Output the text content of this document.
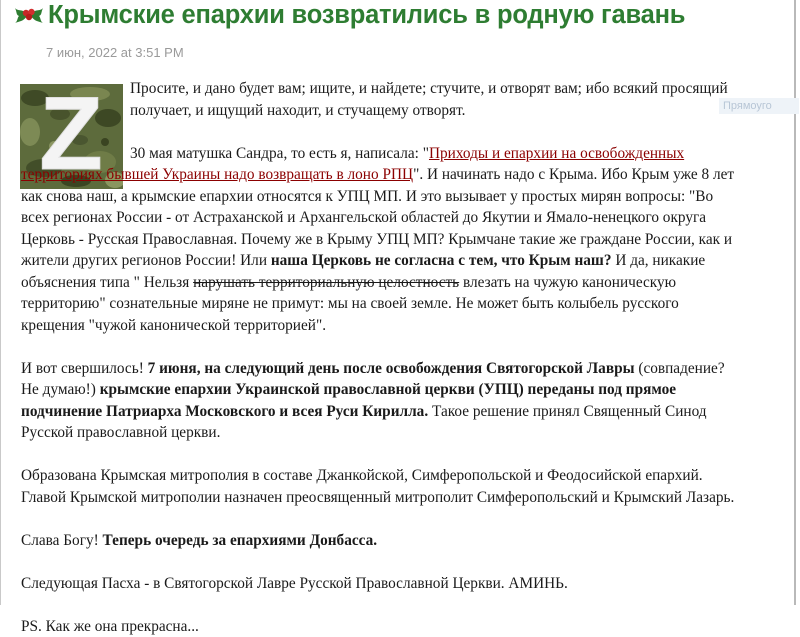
Крымские епархии возвратились в родную гавань
7 июн, 2022 at 3:51 PM
Прямоуго
Z	Просите, и дано будет вам; ищите, и найдете; стучите, и отворят вам; ибо всякий просящий получает, и ищущий находит, и стучащему отворят.

30 мая матушка Сандра, то есть я, написала: "Приходы и епархии на освобожденных территориях бывшей Украины надо возвращать в лоно РПЦ". И начинать надо с Крыма. Ибо Крым уже 8 лет как снова наш, а крымские епархии относятся к УПЦ МП. И это вызывает у простых мирян вопросы: "Во всех регионах России - от Астраханской и Архангельской областей до Якутии и Ямало-ненецкого округа Церковь - Русская Православная. Почему же в Крыму УПЦ МП? Крымчане такие же граждане России, как и жители других регионов России! Или наша Церковь не согласна с тем, что Крым наш? И да, никакие объяснения типа " Нельзя нарушать территориальную целостность влезать на чужую каноническую территорию" сознательные миряне не примут: мы на своей земле. Не может быть колыбель русского крещения "чужой канонической территорией".

И вот свершилось! 7 июня, на следующий день после освобождения Святогорской Лавры (совпадение? Не думаю!) крымские епархии Украинской православной церкви (УПЦ) переданы под прямое подчинение Патриарха Московского и всея Руси Кирилла. Такое решение принял Священный Синод Русской православной церкви.

Образована Крымская митрополия в составе Джанкойской, Симферопольской и Феодосийской епархий. Главой Крымской митрополии назначен преосвященный митрополит Симферопольский и Крымский Лазарь.

Слава Богу! Теперь очередь за епархиями Донбасса.

Следующая Пасха - в Святогорской Лавре Русской Православной Церкви. АМИНЬ.

PS. Как же она прекрасна...
